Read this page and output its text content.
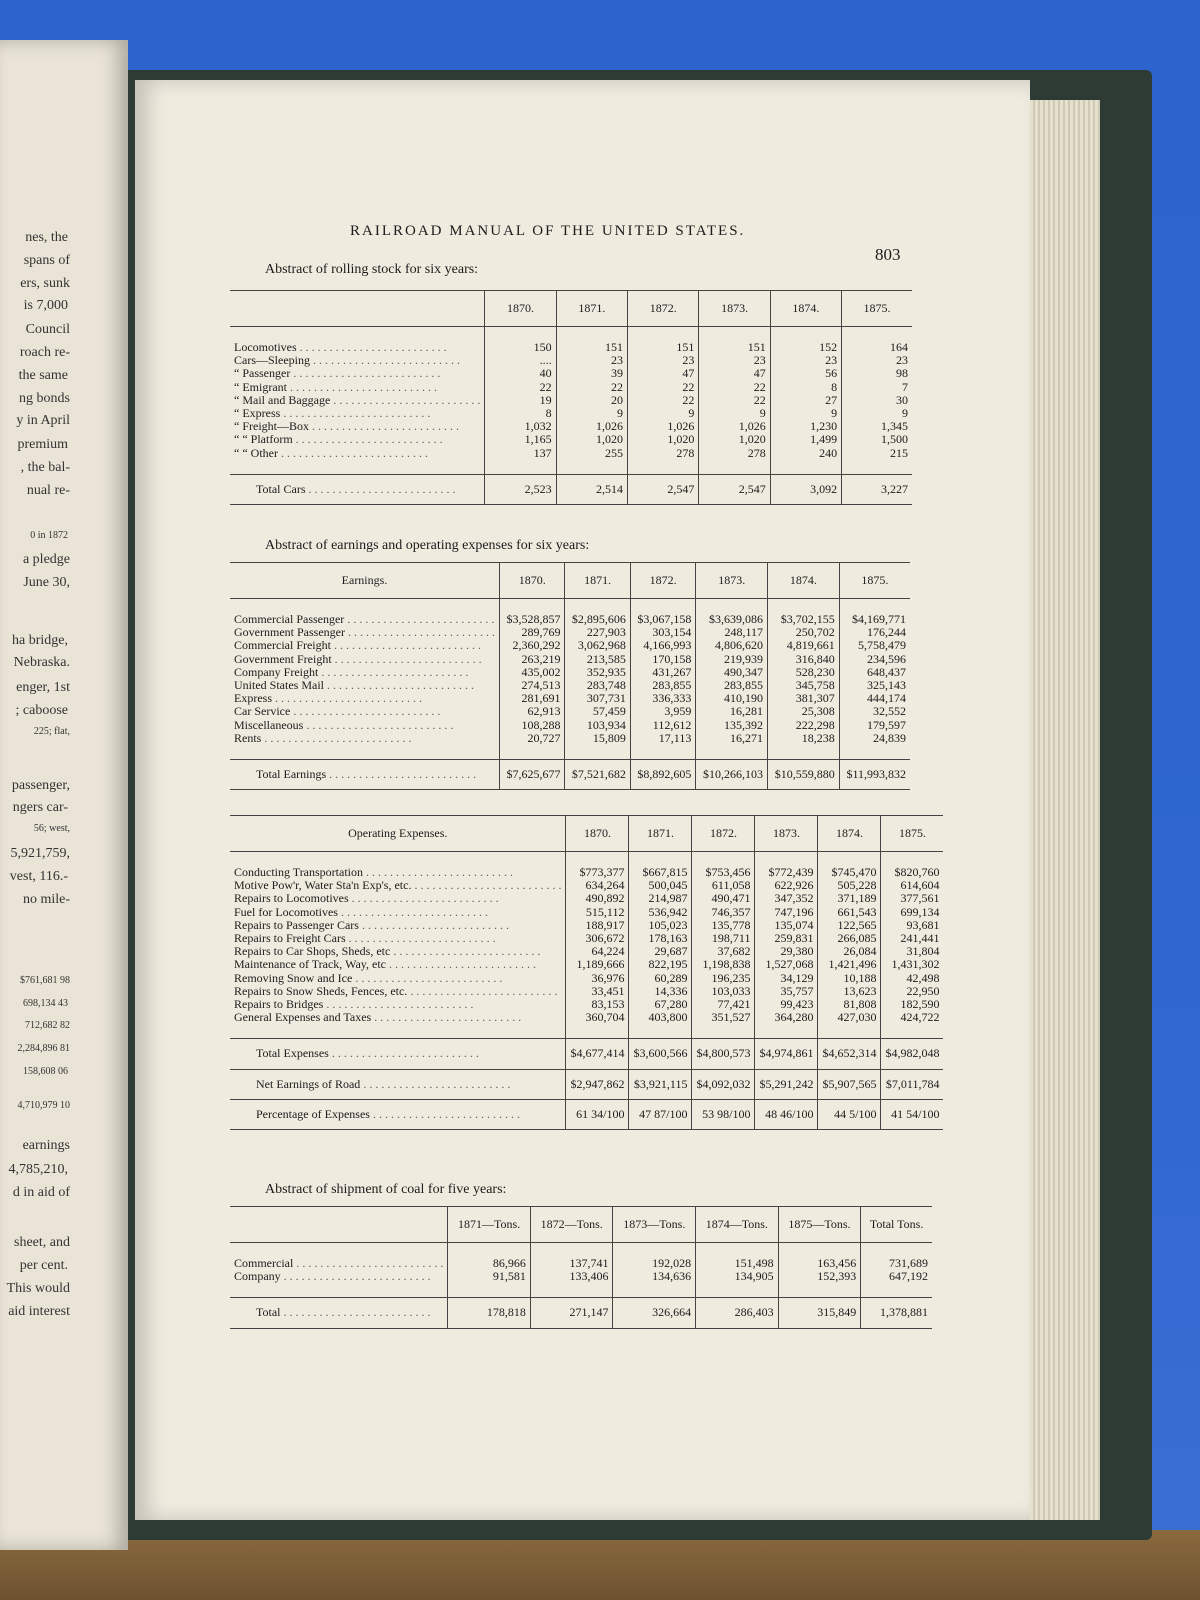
nes, the
spans of
ers, sunk
is 7,000
Council
roach re-
the same
ng bonds
y in April
premium
, the bal-
nual re-
0 in 1872
a pledge
June 30,
ha bridge,
Nebraska.
enger, 1st
; caboose
225; flat,
passenger,
ngers car-
56; west,
5,921,759,
vest, 116.-
no mile-
$761,681 98
698,134 43
712,682 82
2,284,896 81
158,608 06
4,710,979 10
earnings
4,785,210,
d in aid of
sheet, and
per cent.
This would
aid interest
RAILROAD MANUAL OF THE UNITED STATES.
803
Abstract of rolling stock for six years:
	1870.	1871.	1872.	1873.	1874.	1875.

Locomotives . . .	150	151	151	151	152	164
Cars—Sleeping . . .	....	23	23	23	23	23
“ Passenger . . .	40	39	47	47	56	98
“ Emigrant . . .	22	22	22	22	8	7
“ Mail and Baggage . . .	19	20	22	22	27	30
“ Express . . .	8	9	9	9	9	9
“ Freight—Box . . .	1,032	1,026	1,026	1,026	1,230	1,345
“ “ Platform . . .	1,165	1,020	1,020	1,020	1,499	1,500
“ “ Other . . .	137	255	278	278	240	215

Total Cars . . .	2,523	2,514	2,547	2,547	3,092	3,227
Abstract of earnings and operating expenses for six years:
Earnings.	1870.	1871.	1872.	1873.	1874.	1875.

Commercial Passenger . . .	$3,528,857	$2,895,606	$3,067,158	$3,639,086	$3,702,155	$4,169,771
Government Passenger . . .	289,769	227,903	303,154	248,117	250,702	176,244
Commercial Freight . . .	2,360,292	3,062,968	4,166,993	4,806,620	4,819,661	5,758,479
Government Freight . . .	263,219	213,585	170,158	219,939	316,840	234,596
Company Freight . . .	435,002	352,935	431,267	490,347	528,230	648,437
United States Mail . . .	274,513	283,748	283,855	283,855	345,758	325,143
Express . . .	281,691	307,731	336,333	410,190	381,307	444,174
Car Service . . .	62,913	57,459	3,959	16,281	25,308	32,552
Miscellaneous . . .	108,288	103,934	112,612	135,392	222,298	179,597
Rents . . .	20,727	15,809	17,113	16,271	18,238	24,839

Total Earnings . . .	$7,625,677	$7,521,682	$8,892,605	$10,266,103	$10,559,880	$11,993,832
Operating Expenses.	1870.	1871.	1872.	1873.	1874.	1875.

Conducting Transportation . . .	$773,377	$667,815	$753,456	$772,439	$745,470	$820,760
Motive Pow'r, Water Sta'n Exp's, etc. . . .	634,264	500,045	611,058	622,926	505,228	614,604
Repairs to Locomotives . . .	490,892	214,987	490,471	347,352	371,189	377,561
Fuel for Locomotives . . .	515,112	536,942	746,357	747,196	661,543	699,134
Repairs to Passenger Cars . . .	188,917	105,023	135,778	135,074	122,565	93,681
Repairs to Freight Cars . . .	306,672	178,163	198,711	259,831	266,085	241,441
Repairs to Car Shops, Sheds, etc . . .	64,224	29,687	37,682	29,380	26,084	31,804
Maintenance of Track, Way, etc . . .	1,189,666	822,195	1,198,838	1,527,068	1,421,496	1,431,302
Removing Snow and Ice . . .	36,976	60,289	196,235	34,129	10,188	42,498
Repairs to Snow Sheds, Fences, etc. . . .	33,451	14,336	103,033	35,757	13,623	22,950
Repairs to Bridges . . .	83,153	67,280	77,421	99,423	81,808	182,590
General Expenses and Taxes . . .	360,704	403,800	351,527	364,280	427,030	424,722

Total Expenses . . .	$4,677,414	$3,600,566	$4,800,573	$4,974,861	$4,652,314	$4,982,048
Net Earnings of Road . . .	$2,947,862	$3,921,115	$4,092,032	$5,291,242	$5,907,565	$7,011,784
Percentage of Expenses . . .	61 34/100	47 87/100	53 98/100	48 46/100	44 5/100	41 54/100
Abstract of shipment of coal for five years:
	1871—Tons.	1872—Tons.	1873—Tons.	1874—Tons.	1875—Tons.	Total Tons.

Commercial . . .	86,966	137,741	192,028	151,498	163,456	731,689
Company . . .	91,581	133,406	134,636	134,905	152,393	647,192

Total . . .	178,818	271,147	326,664	286,403	315,849	1,378,881
